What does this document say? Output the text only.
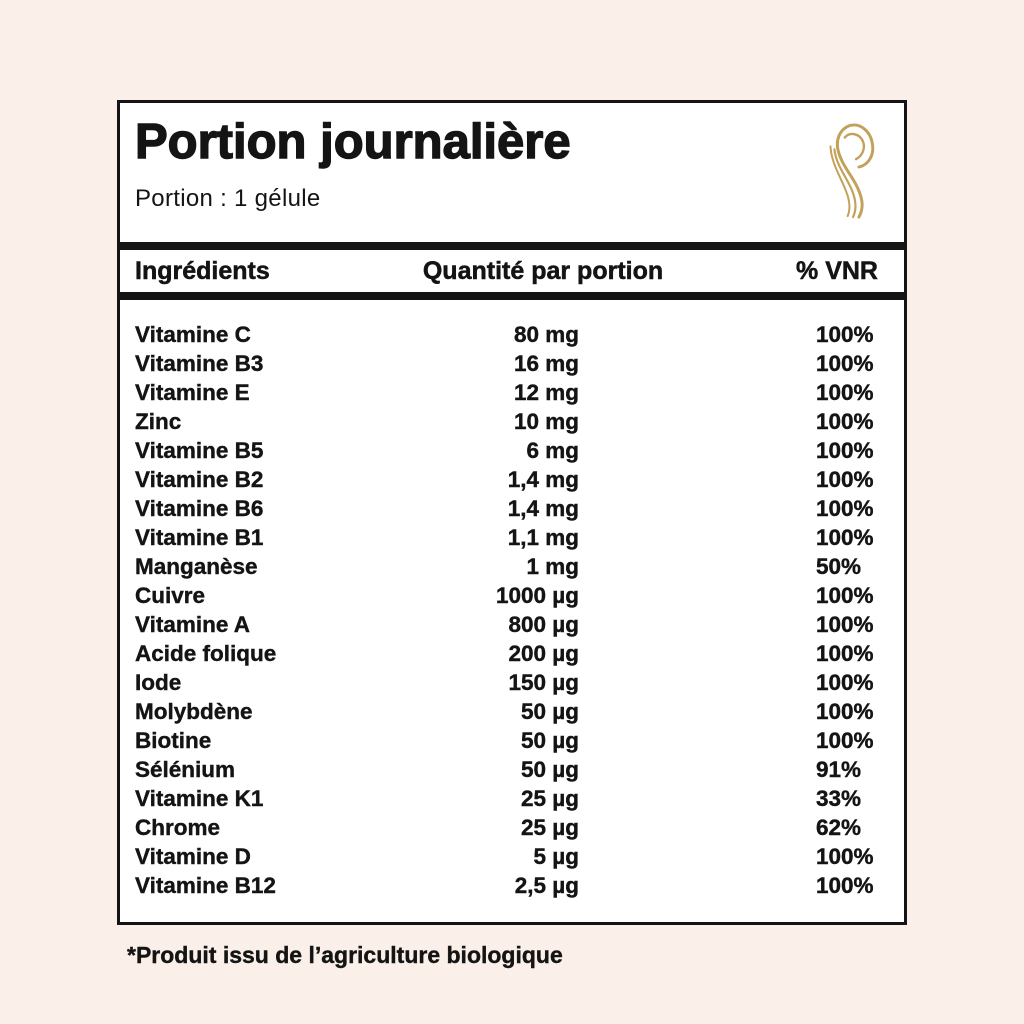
Portion journalière
Portion : 1 gélule
Ingrédients	Quantité par portion	% VNR
Vitamine C	80 mg	100%
Vitamine B3	16 mg	100%
Vitamine E	12 mg	100%
Zinc	10 mg	100%
Vitamine B5	6 mg	100%
Vitamine B2	1,4 mg	100%
Vitamine B6	1,4 mg	100%
Vitamine B1	1,1 mg	100%
Manganèse	1 mg	50%
Cuivre	1000 µg	100%
Vitamine A	800 µg	100%
Acide folique	200 µg	100%
Iode	150 µg	100%
Molybdène	50 µg	100%
Biotine	50 µg	100%
Sélénium	50 µg	91%
Vitamine K1	25 µg	33%
Chrome	25 µg	62%
Vitamine D	5 µg	100%
Vitamine B12	2,5 µg	100%
*Produit issu de l’agriculture biologique
